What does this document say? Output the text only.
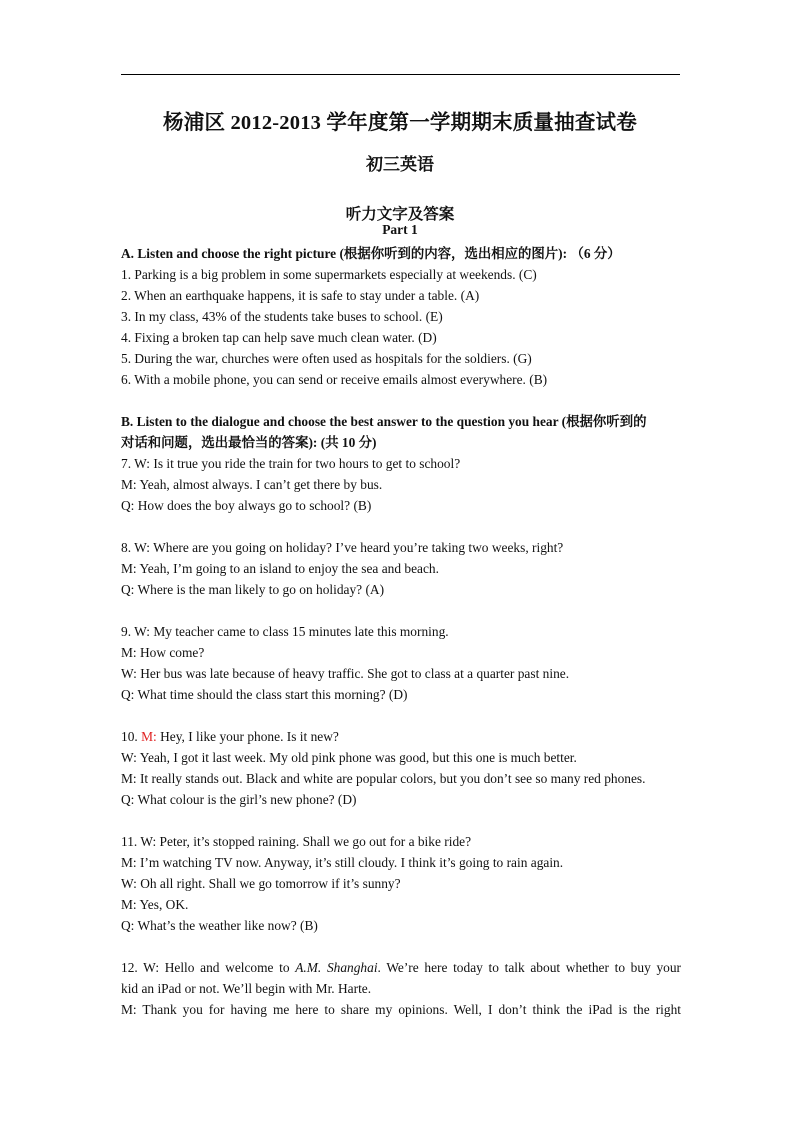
杨浦区 2012-2013 学年度第一学期期末质量抽查试卷
初三英语
听力文字及答案
Part 1
A. Listen and choose the right picture (根据你听到的内容，选出相应的图片): （6 分）
1. Parking is a big problem in some supermarkets especially at weekends. (C)
2. When an earthquake happens, it is safe to stay under a table. (A)
3. In my class, 43% of the students take buses to school. (E)
4. Fixing a broken tap can help save much clean water. (D)
5. During the war, churches were often used as hospitals for the soldiers. (G)
6. With a mobile phone, you can send or receive emails almost everywhere. (B)
B. Listen to the dialogue and choose the best answer to the question you hear (根据你听到的
对话和问题，选出最恰当的答案): (共 10 分)
7. W: Is it true you ride the train for two hours to get to school?
M: Yeah, almost always. I can’t get there by bus.
Q: How does the boy always go to school? (B)
8. W: Where are you going on holiday? I’ve heard you’re taking two weeks, right?
M: Yeah, I’m going to an island to enjoy the sea and beach.
Q: Where is the man likely to go on holiday? (A)
9. W: My teacher came to class 15 minutes late this morning.
M: How come?
W: Her bus was late because of heavy traffic. She got to class at a quarter past nine.
Q: What time should the class start this morning? (D)
10. M: Hey, I like your phone. Is it new?
W: Yeah, I got it last week. My old pink phone was good, but this one is much better.
M: It really stands out. Black and white are popular colors, but you don’t see so many red phones.
Q: What colour is the girl’s new phone? (D)
11. W: Peter, it’s stopped raining. Shall we go out for a bike ride?
M: I’m watching TV now. Anyway, it’s still cloudy. I think it’s going to rain again.
W: Oh all right. Shall we go tomorrow if it’s sunny?
M: Yes, OK.
Q: What’s the weather like now? (B)
12. W: Hello and welcome to A.M. Shanghai. We’re here today to talk about whether to buy your
kid an iPad or not. We’ll begin with Mr. Harte.
M: Thank you for having me here to share my opinions. Well, I don’t think the iPad is the right
